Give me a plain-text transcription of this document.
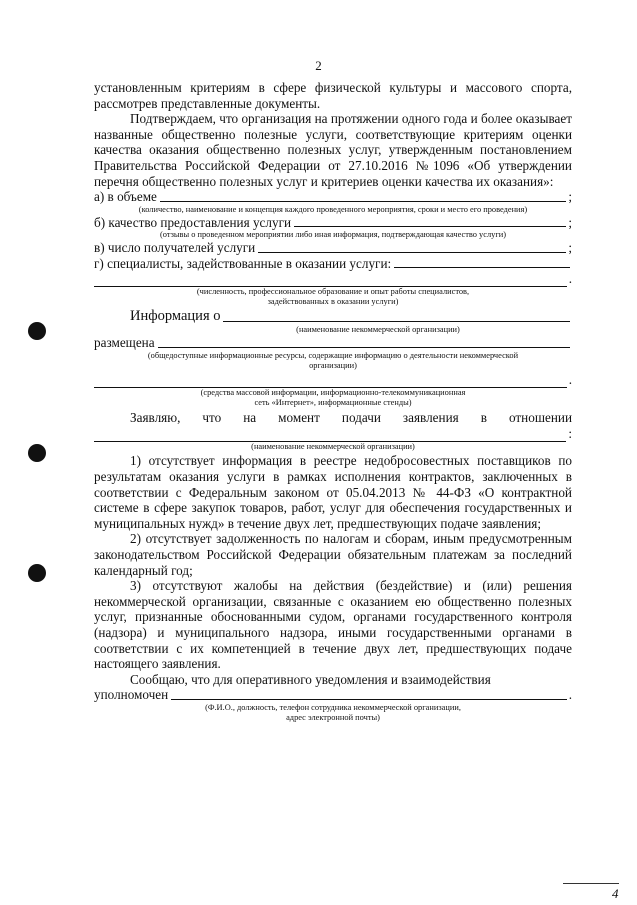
2

установленным критериям в сфере физической культуры и массового спорта, рассмотрев представленные документы.

Подтверждаем, что организация на протяжении одного года и более оказывает названные общественно полезные услуги, соответствующие критериям оценки качества оказания общественно полезных услуг, утвержденным постановлением Правительства Российской Федерации от 27.10.2016 №1096 «Об утверждении перечня общественно полезных услуг и критериев оценки качества их оказания»:

а) в объеме	;

(количество, наименование и концепция каждого проведенного мероприятия, сроки и место его проведения)

б) качество предоставления услуги	;

(отзывы о проведенном мероприятии либо иная информация, подтверждающая качество услуги)

в) число получателей услуги	;
г) специалисты, задействованные в оказании услуги:
.

(численность, профессиональное образование и опыт работы специалистов,

задействованных в оказании услуги)

Информация о

(наименование некоммерческой организации)

размещена

(общедоступные информационные ресурсы, содержащие информацию о деятельности некоммерческой

организации)

.

(средства массовой информации, информационно-телекоммуникационная

сеть «Интернет», информационные стенды)

Заявляю, что на момент подачи заявления в отношении
:

(наименование некоммерческой организации)

1) отсутствует информация в реестре недобросовестных поставщиков по результатам оказания услуги в рамках исполнения контрактов, заключенных в соответствии с Федеральным законом от 05.04.2013 № 44-ФЗ «О контрактной системе в сфере закупок товаров, работ, услуг для обеспечения государственных и муниципальных нужд» в течение двух лет, предшествующих подаче заявления;

2) отсутствует задолженность по налогам и сборам, иным предусмотренным законодательством Российской Федерации обязательным платежам за последний календарный год;

3) отсутствуют жалобы на действия (бездействие) и (или) решения некоммерческой организации, связанные с оказанием ею общественно полезных услуг, признанные обоснованными судом, органами государственного контроля (надзора) и муниципального надзора, иными государственными органами в соответствии с их компетенцией в течение двух лет, предшествующих подаче настоящего заявления.

Сообщаю, что для оперативного уведомления и взаимодействия

уполномочен	.

(Ф.И.О., должность, телефон сотрудника некоммерческой организации,

адрес электронной почты)

4
